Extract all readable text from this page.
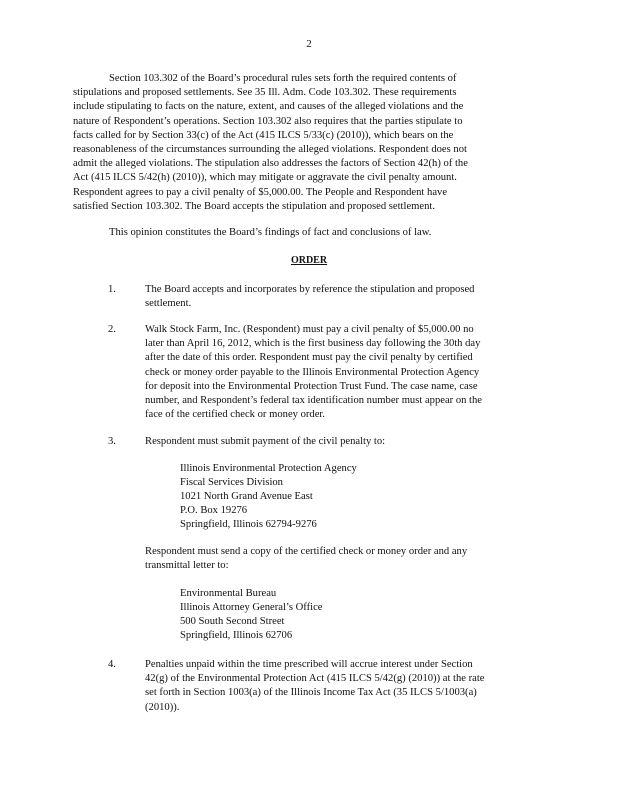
2
Section 103.302 of the Board’s procedural rules sets forth the required contents of
stipulations and proposed settlements. See 35 Ill. Adm. Code 103.302. These requirements
include stipulating to facts on the nature, extent, and causes of the alleged violations and the
nature of Respondent’s operations. Section 103.302 also requires that the parties stipulate to
facts called for by Section 33(c) of the Act (415 ILCS 5/33(c) (2010)), which bears on the
reasonableness of the circumstances surrounding the alleged violations. Respondent does not
admit the alleged violations. The stipulation also addresses the factors of Section 42(h) of the
Act (415 ILCS 5/42(h) (2010)), which may mitigate or aggravate the civil penalty amount.
Respondent agrees to pay a civil penalty of $5,000.00. The People and Respondent have
satisfied Section 103.302. The Board accepts the stipulation and proposed settlement.
This opinion constitutes the Board’s findings of fact and conclusions of law.
ORDER
1.	The Board accepts and incorporates by reference the stipulation and proposed
settlement.
2.	Walk Stock Farm, Inc. (Respondent) must pay a civil penalty of $5,000.00 no
later than April 16, 2012, which is the first business day following the 30th day
after the date of this order. Respondent must pay the civil penalty by certified
check or money order payable to the Illinois Environmental Protection Agency
for deposit into the Environmental Protection Trust Fund. The case name, case
number, and Respondent’s federal tax identification number must appear on the
face of the certified check or money order.
3.	Respondent must submit payment of the civil penalty to:
Illinois Environmental Protection Agency
Fiscal Services Division
1021 North Grand Avenue East
P.O. Box 19276
Springfield, Illinois 62794-9276
Respondent must send a copy of the certified check or money order and any
transmittal letter to:
Environmental Bureau
Illinois Attorney General’s Office
500 South Second Street
Springfield, Illinois 62706
4.	Penalties unpaid within the time prescribed will accrue interest under Section
42(g) of the Environmental Protection Act (415 ILCS 5/42(g) (2010)) at the rate
set forth in Section 1003(a) of the Illinois Income Tax Act (35 ILCS 5/1003(a)
(2010)).
